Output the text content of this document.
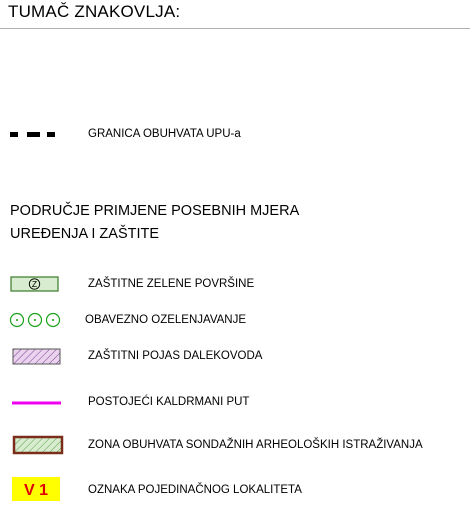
TUMAČ ZNAKOVLJA:
GRANICA OBUHVATA UPU-a
PODRUČJE PRIMJENE POSEBNIH MJERA
UREĐENJA I ZAŠTITE
Z	ZAŠTITNE ZELENE POVRŠINE
OBAVEZNO OZELENJAVANJE
ZAŠTITNI POJAS DALEKOVODA
POSTOJEĆI KALDRMANI PUT
ZONA OBUHVATA SONDAŽNIH ARHEOLOŠKIH ISTRAŽIVANJA
V 1	OZNAKA POJEDINAČNOG LOKALITETA
